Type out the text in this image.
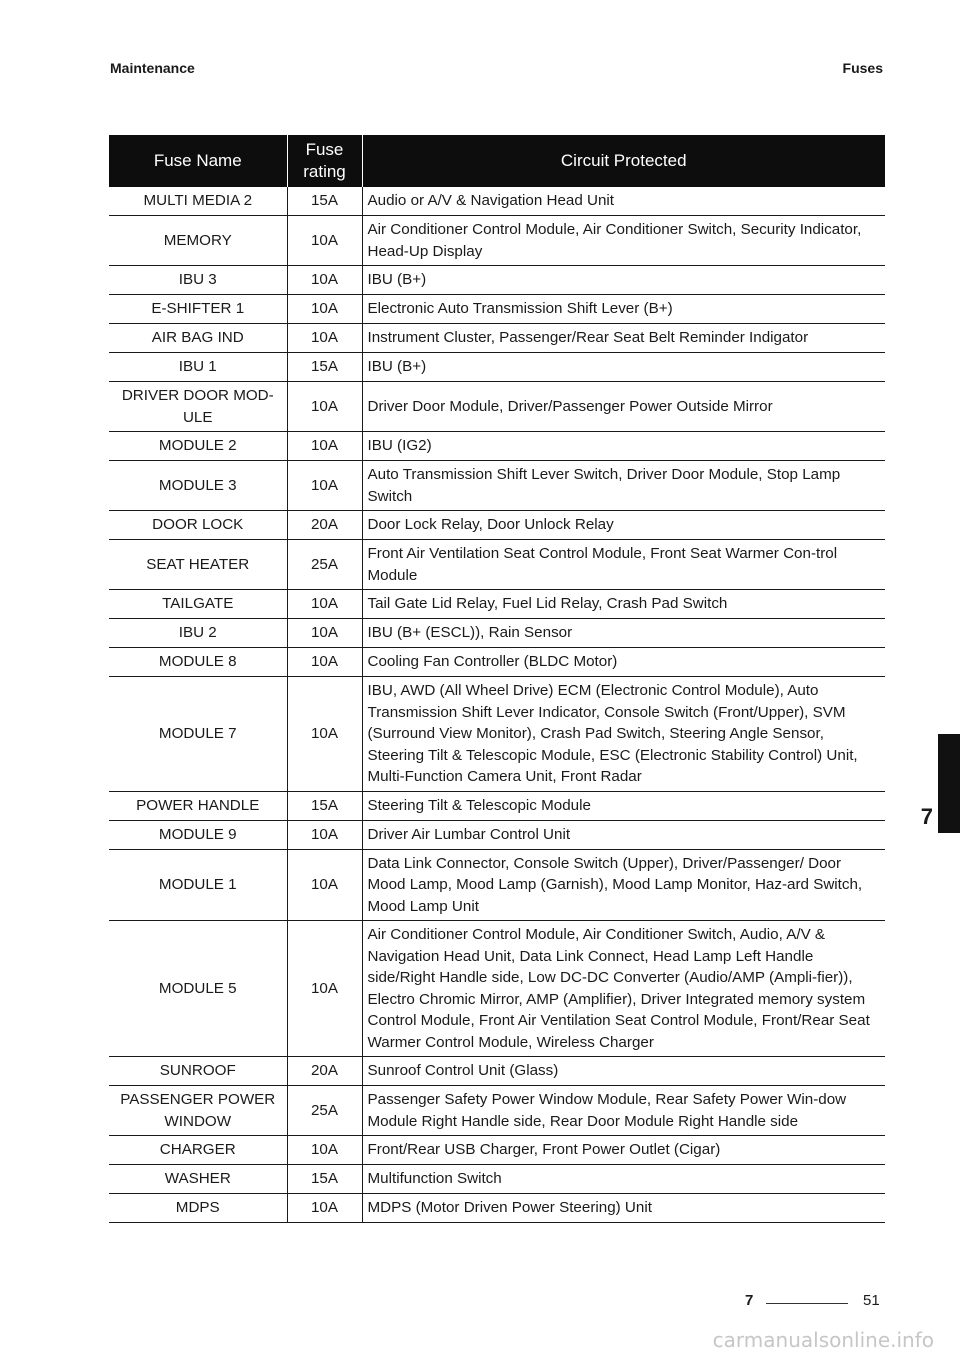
Maintenance	Fuses
Fuse Name	Fuse rating	Circuit Protected
MULTI MEDIA 2	15A	Audio or A/V & Navigation Head Unit
MEMORY	10A	Air Conditioner Control Module, Air Conditioner Switch, Security Indicator, Head-Up Display
IBU 3	10A	IBU (B+)
E-SHIFTER 1	10A	Electronic Auto Transmission Shift Lever (B+)
AIR BAG IND	10A	Instrument Cluster, Passenger/Rear Seat Belt Reminder Indigator
IBU 1	15A	IBU (B+)
DRIVER DOOR MOD-ULE	10A	Driver Door Module, Driver/Passenger Power Outside Mirror
MODULE 2	10A	IBU (IG2)
MODULE 3	10A	Auto Transmission Shift Lever Switch, Driver Door Module, Stop Lamp Switch
DOOR LOCK	20A	Door Lock Relay, Door Unlock Relay
SEAT HEATER	25A	Front Air Ventilation Seat Control Module, Front Seat Warmer Con-trol Module
TAILGATE	10A	Tail Gate Lid Relay, Fuel Lid Relay, Crash Pad Switch
IBU 2	10A	IBU (B+ (ESCL)), Rain Sensor
MODULE 8	10A	Cooling Fan Controller (BLDC Motor)
MODULE 7	10A	IBU, AWD (All Wheel Drive) ECM (Electronic Control Module), Auto Transmission Shift Lever Indicator, Console Switch (Front/Upper), SVM (Surround View Monitor), Crash Pad Switch, Steering Angle Sensor, Steering Tilt & Telescopic Module, ESC (Electronic Stability Control) Unit, Multi-Function Camera Unit, Front Radar
POWER HANDLE	15A	Steering Tilt & Telescopic Module
MODULE 9	10A	Driver Air Lumbar Control Unit
MODULE 1	10A	Data Link Connector, Console Switch (Upper), Driver/Passenger/ Door Mood Lamp, Mood Lamp (Garnish), Mood Lamp Monitor, Haz-ard Switch, Mood Lamp Unit
MODULE 5	10A	Air Conditioner Control Module, Air Conditioner Switch, Audio, A/V & Navigation Head Unit, Data Link Connect, Head Lamp Left Handle side/Right Handle side, Low DC-DC Converter (Audio/AMP (Ampli-fier)), Electro Chromic Mirror, AMP (Amplifier), Driver Integrated memory system Control Module, Front Air Ventilation Seat Control Module, Front/Rear Seat Warmer Control Module, Wireless Charger
SUNROOF	20A	Sunroof Control Unit (Glass)
PASSENGER POWER WINDOW	25A	Passenger Safety Power Window Module, Rear Safety Power Win-dow Module Right Handle side, Rear Door Module Right Handle side
CHARGER	10A	Front/Rear USB Charger, Front Power Outlet (Cigar)
WASHER	15A	Multifunction Switch
MDPS	10A	MDPS (Motor Driven Power Steering) Unit
7
7	51
carmanualsonline.info
